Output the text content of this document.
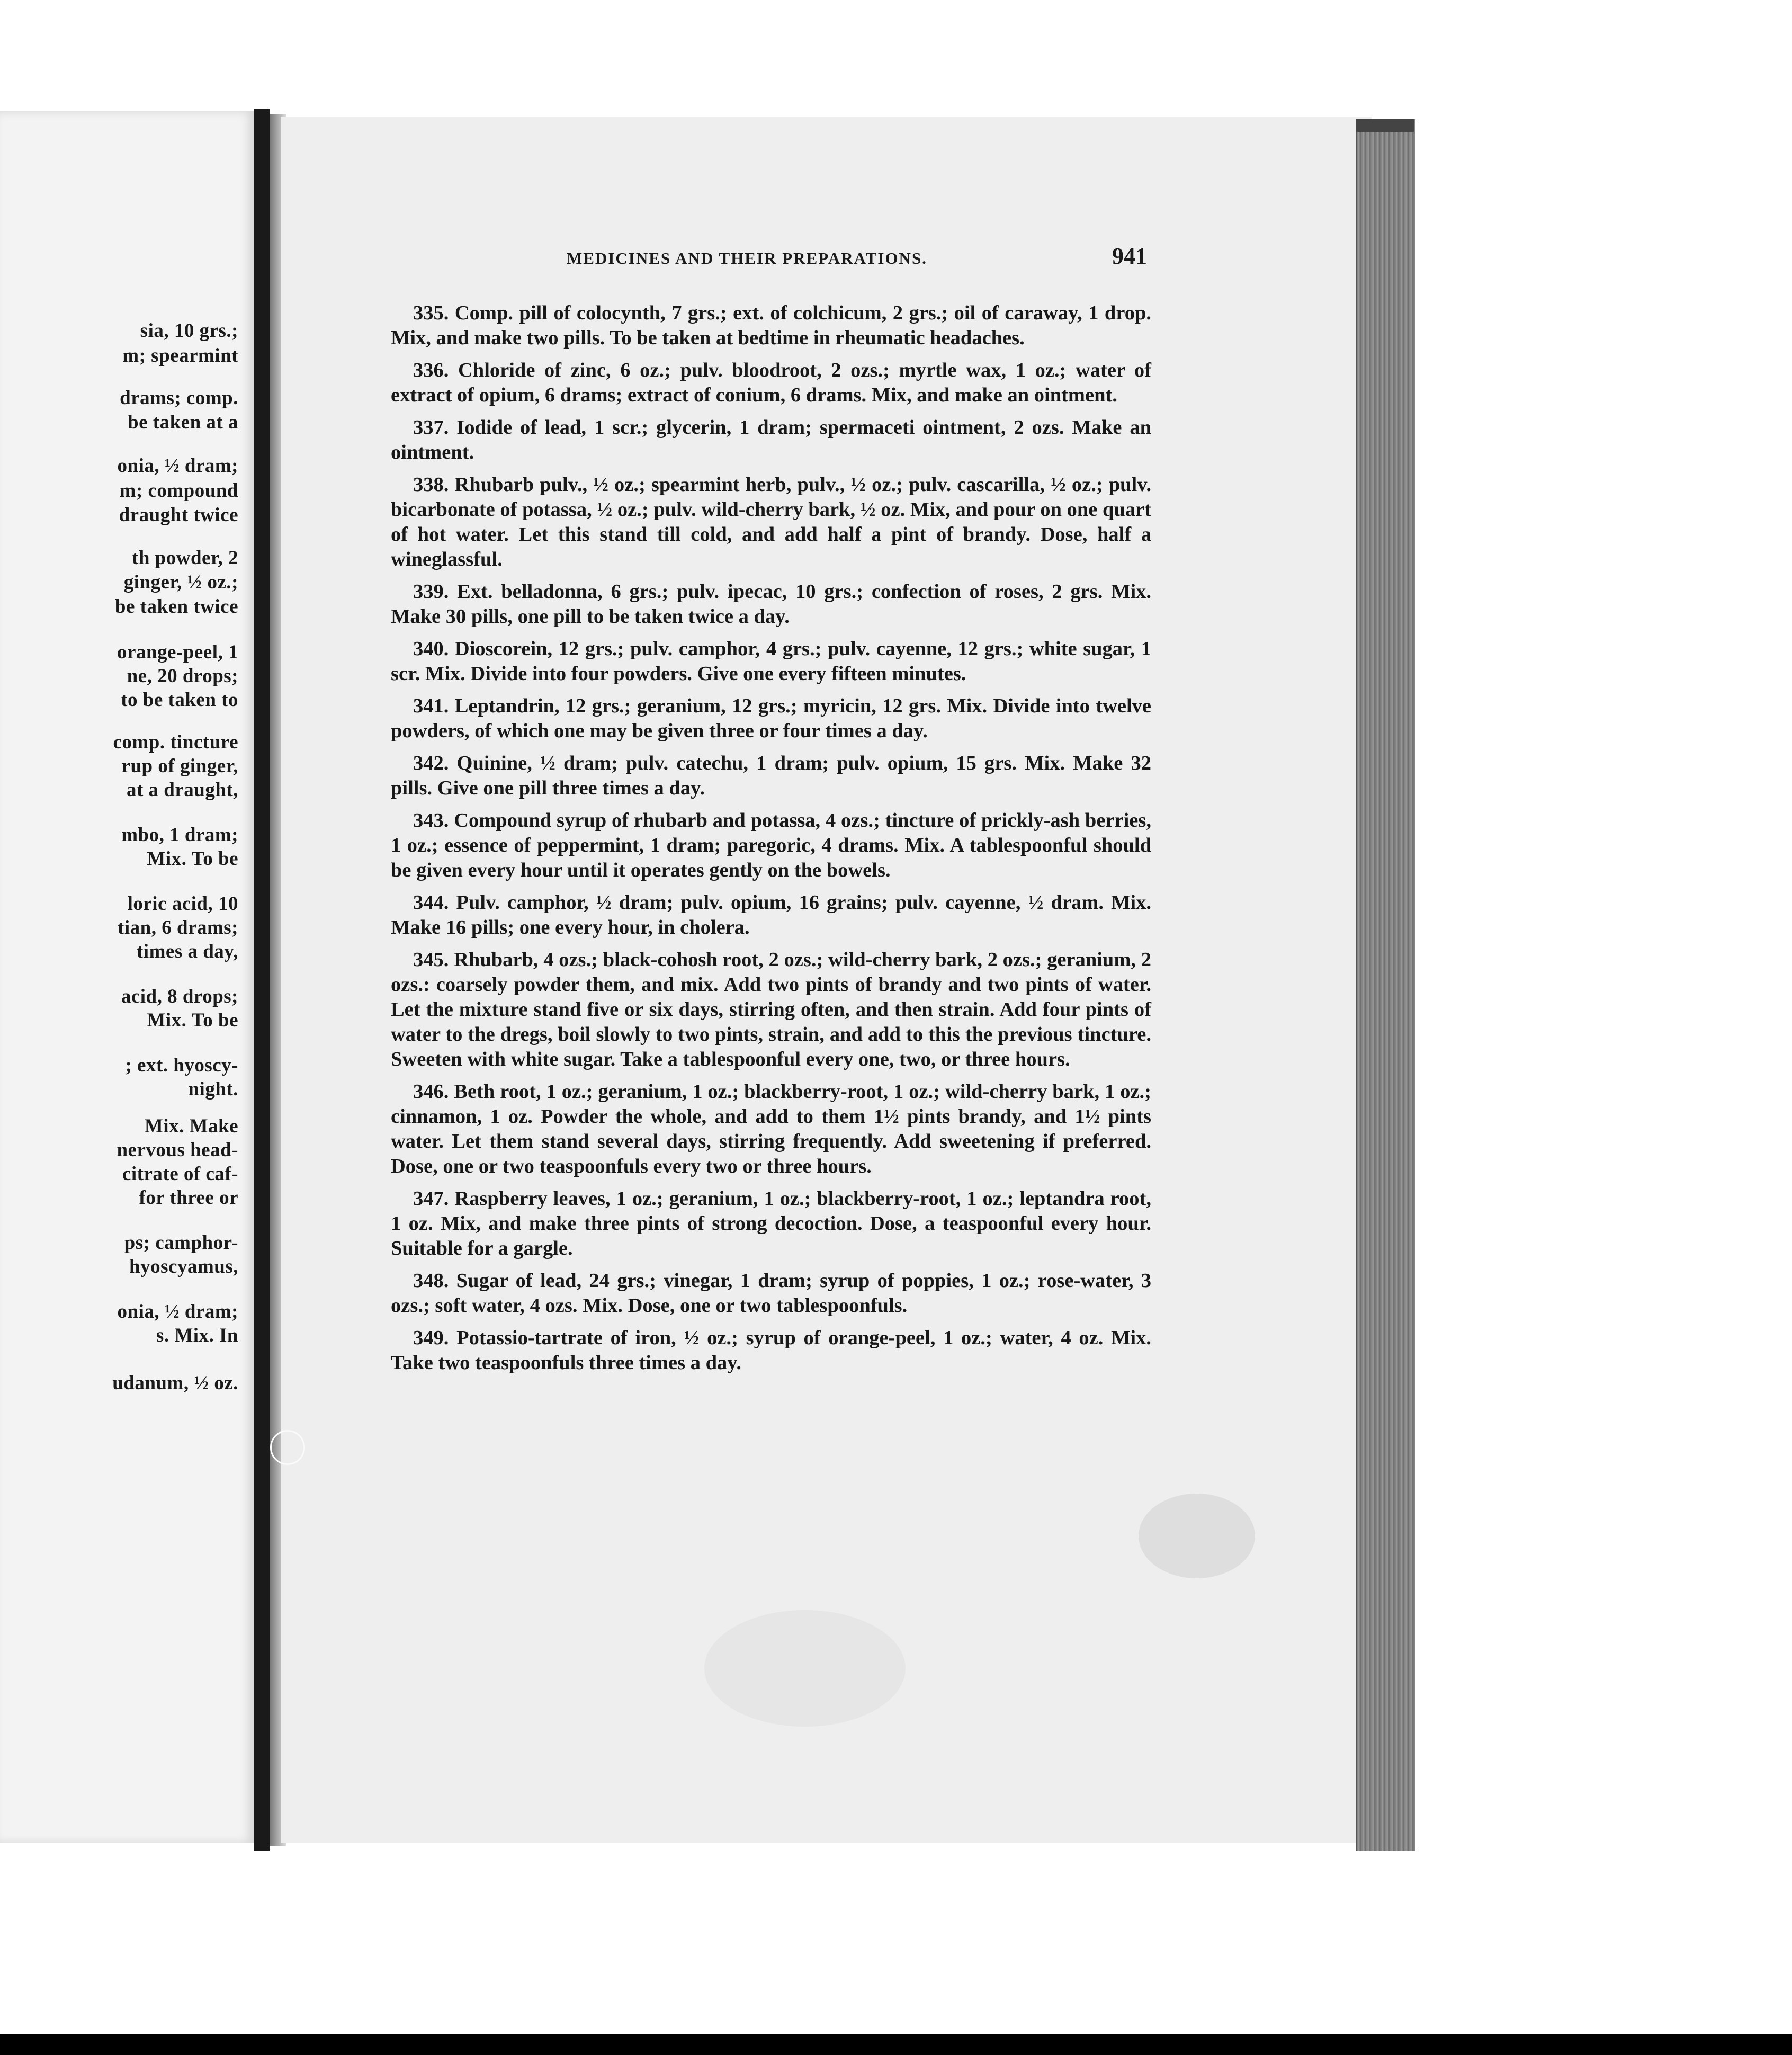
sia, 10 grs.;
m; spearmint
drams; comp.
be taken at a
onia, ½ dram;
m; compound
draught twice
th powder, 2
ginger, ½ oz.;
be taken twice
orange-peel, 1
ne, 20 drops;
to be taken to
comp. tincture
rup of ginger,
at a draught,
mbo, 1 dram;
Mix. To be
loric acid, 10
tian, 6 drams;
times a day,
acid, 8 drops;
Mix. To be
; ext. hyoscy-
night.
Mix. Make
nervous head-
citrate of caf-
for three or
ps; camphor-
hyoscyamus,
onia, ½ dram;
s. Mix. In
udanum, ½ oz.
MEDICINES AND THEIR PREPARATIONS.	941

335. Comp. pill of colocynth, 7 grs.; ext. of colchicum, 2 grs.; oil of caraway, 1 drop. Mix, and make two pills. To be taken at bedtime in rheumatic headaches.

336. Chloride of zinc, 6 oz.; pulv. bloodroot, 2 ozs.; myrtle wax, 1 oz.; water of extract of opium, 6 drams; extract of conium, 6 drams. Mix, and make an ointment.

337. Iodide of lead, 1 scr.; glycerin, 1 dram; spermaceti ointment, 2 ozs. Make an ointment.

338. Rhubarb pulv., ½ oz.; spearmint herb, pulv., ½ oz.; pulv. cascarilla, ½ oz.; pulv. bicarbonate of potassa, ½ oz.; pulv. wild-cherry bark, ½ oz. Mix, and pour on one quart of hot water. Let this stand till cold, and add half a pint of brandy. Dose, half a wineglassful.

339. Ext. belladonna, 6 grs.; pulv. ipecac, 10 grs.; confection of roses, 2 grs. Mix. Make 30 pills, one pill to be taken twice a day.

340. Dioscorein, 12 grs.; pulv. camphor, 4 grs.; pulv. cayenne, 12 grs.; white sugar, 1 scr. Mix. Divide into four powders. Give one every fifteen minutes.

341. Leptandrin, 12 grs.; geranium, 12 grs.; myricin, 12 grs. Mix. Divide into twelve powders, of which one may be given three or four times a day.

342. Quinine, ½ dram; pulv. catechu, 1 dram; pulv. opium, 15 grs. Mix. Make 32 pills. Give one pill three times a day.

343. Compound syrup of rhubarb and potassa, 4 ozs.; tincture of prickly-ash berries, 1 oz.; essence of peppermint, 1 dram; paregoric, 4 drams. Mix. A tablespoonful should be given every hour until it operates gently on the bowels.

344. Pulv. camphor, ½ dram; pulv. opium, 16 grains; pulv. cayenne, ½ dram. Mix. Make 16 pills; one every hour, in cholera.

345. Rhubarb, 4 ozs.; black-cohosh root, 2 ozs.; wild-cherry bark, 2 ozs.; geranium, 2 ozs.: coarsely powder them, and mix. Add two pints of brandy and two pints of water. Let the mixture stand five or six days, stirring often, and then strain. Add four pints of water to the dregs, boil slowly to two pints, strain, and add to this the previous tincture. Sweeten with white sugar. Take a tablespoonful every one, two, or three hours.

346. Beth root, 1 oz.; geranium, 1 oz.; blackberry-root, 1 oz.; wild-cherry bark, 1 oz.; cinnamon, 1 oz. Powder the whole, and add to them 1½ pints brandy, and 1½ pints water. Let them stand several days, stirring frequently. Add sweetening if preferred. Dose, one or two teaspoonfuls every two or three hours.

347. Raspberry leaves, 1 oz.; geranium, 1 oz.; blackberry-root, 1 oz.; leptandra root, 1 oz. Mix, and make three pints of strong decoction. Dose, a teaspoonful every hour. Suitable for a gargle.

348. Sugar of lead, 24 grs.; vinegar, 1 dram; syrup of poppies, 1 oz.; rose-water, 3 ozs.; soft water, 4 ozs. Mix. Dose, one or two tablespoonfuls.

349. Potassio-tartrate of iron, ½ oz.; syrup of orange-peel, 1 oz.; water, 4 oz. Mix. Take two teaspoonfuls three times a day.
